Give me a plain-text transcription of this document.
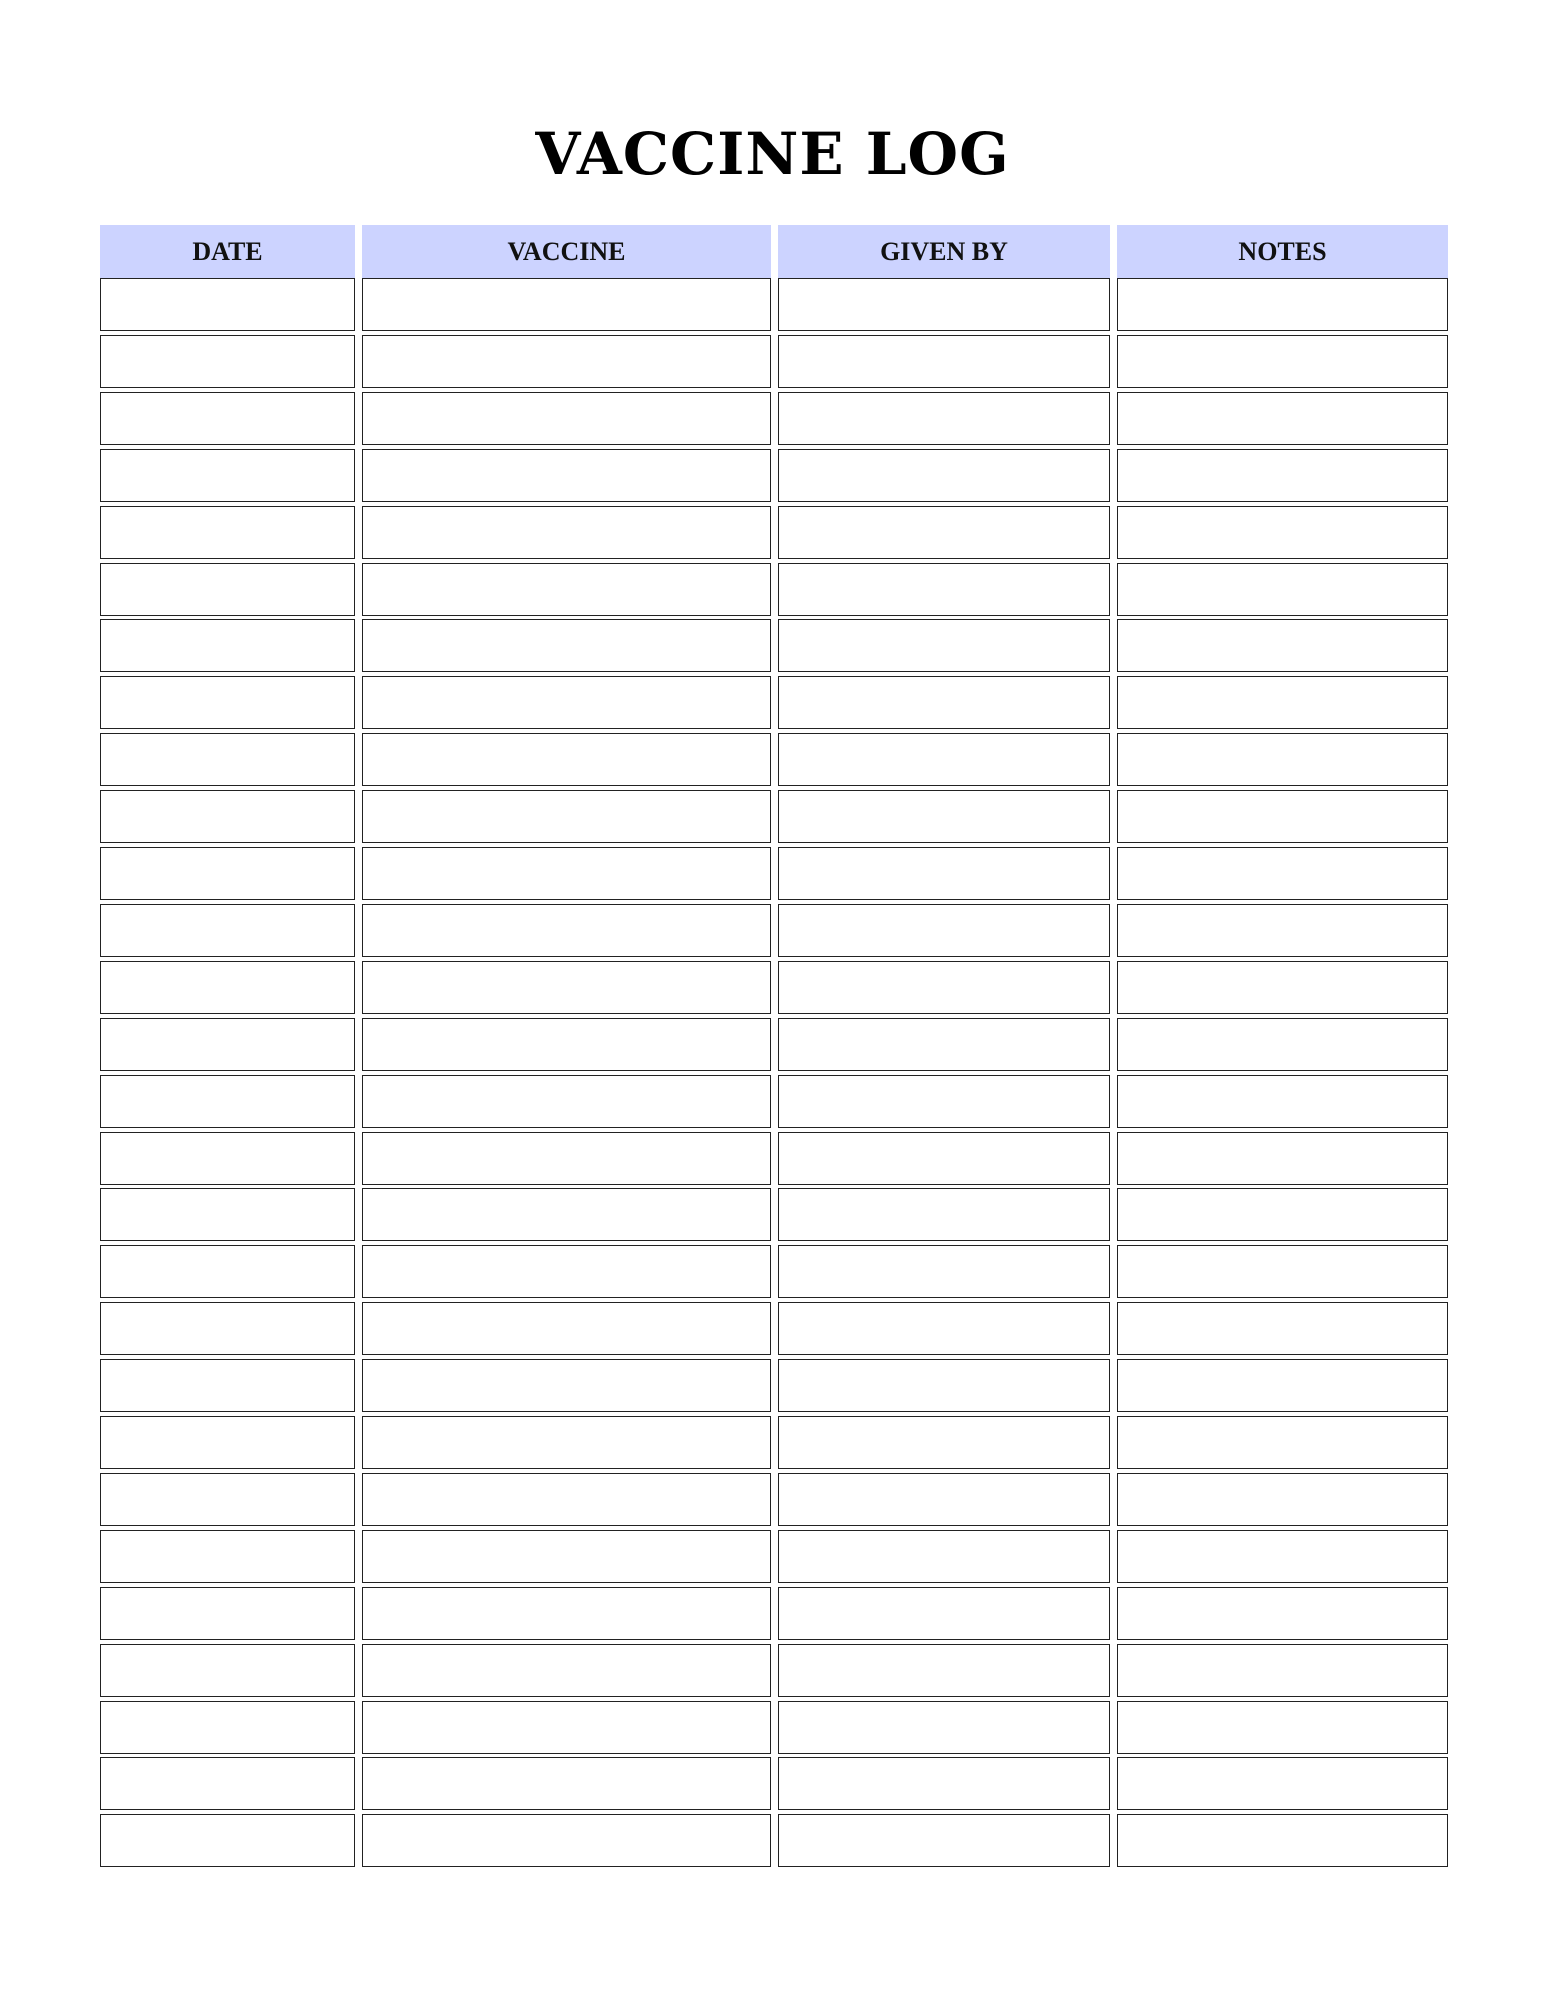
VACCINE LOG
DATE	VACCINE	GIVEN BY	NOTES
